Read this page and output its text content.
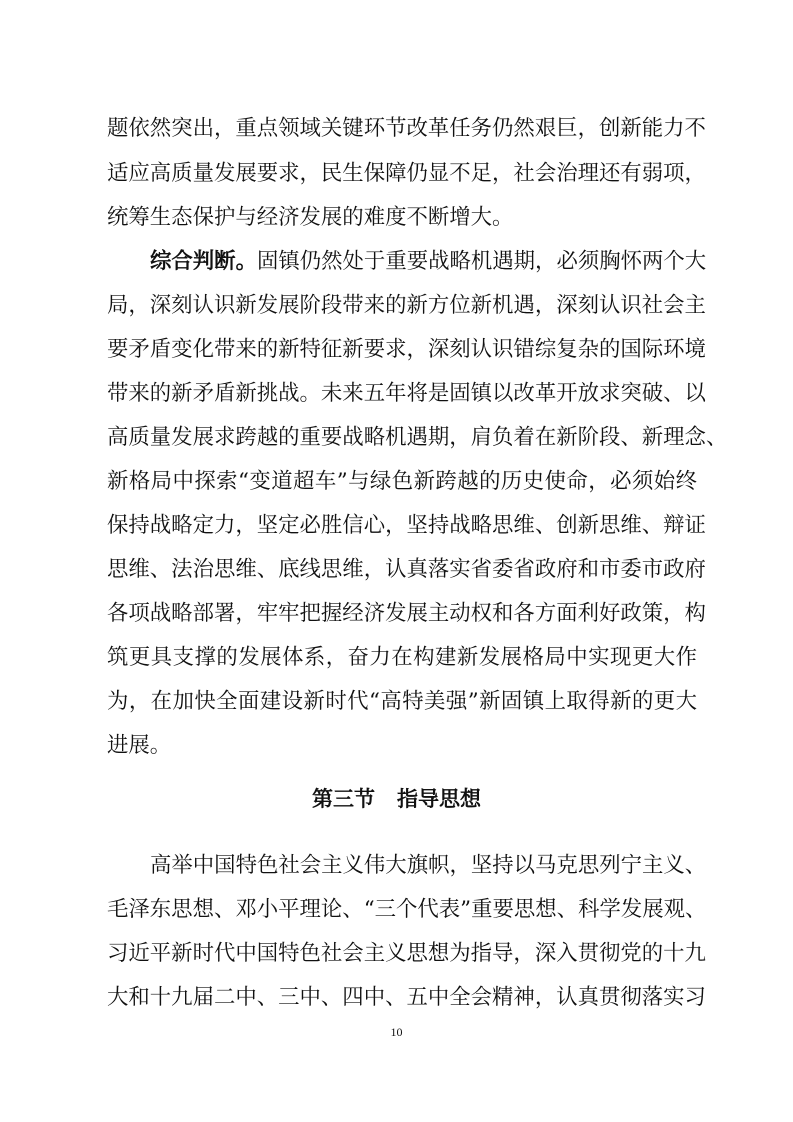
题依然突出，重点领域关键环节改革任务仍然艰巨，创新能力不
适应高质量发展要求，民生保障仍显不足，社会治理还有弱项，
统筹生态保护与经济发展的难度不断增大。
综合判断。固镇仍然处于重要战略机遇期，必须胸怀两个大
局，深刻认识新发展阶段带来的新方位新机遇，深刻认识社会主
要矛盾变化带来的新特征新要求，深刻认识错综复杂的国际环境
带来的新矛盾新挑战。未来五年将是固镇以改革开放求突破、以
高质量发展求跨越的重要战略机遇期，肩负着在新阶段、新理念、
新格局中探索“变道超车”与绿色新跨越的历史使命，必须始终
保持战略定力，坚定必胜信心，坚持战略思维、创新思维、辩证
思维、法治思维、底线思维，认真落实省委省政府和市委市政府
各项战略部署，牢牢把握经济发展主动权和各方面利好政策，构
筑更具支撑的发展体系，奋力在构建新发展格局中实现更大作
为，在加快全面建设新时代“高特美强”新固镇上取得新的更大
进展。
第三节   指导思想
高举中国特色社会主义伟大旗帜，坚持以马克思列宁主义、
毛泽东思想、邓小平理论、“三个代表”重要思想、科学发展观、
习近平新时代中国特色社会主义思想为指导，深入贯彻党的十九
大和十九届二中、三中、四中、五中全会精神，认真贯彻落实习
10
